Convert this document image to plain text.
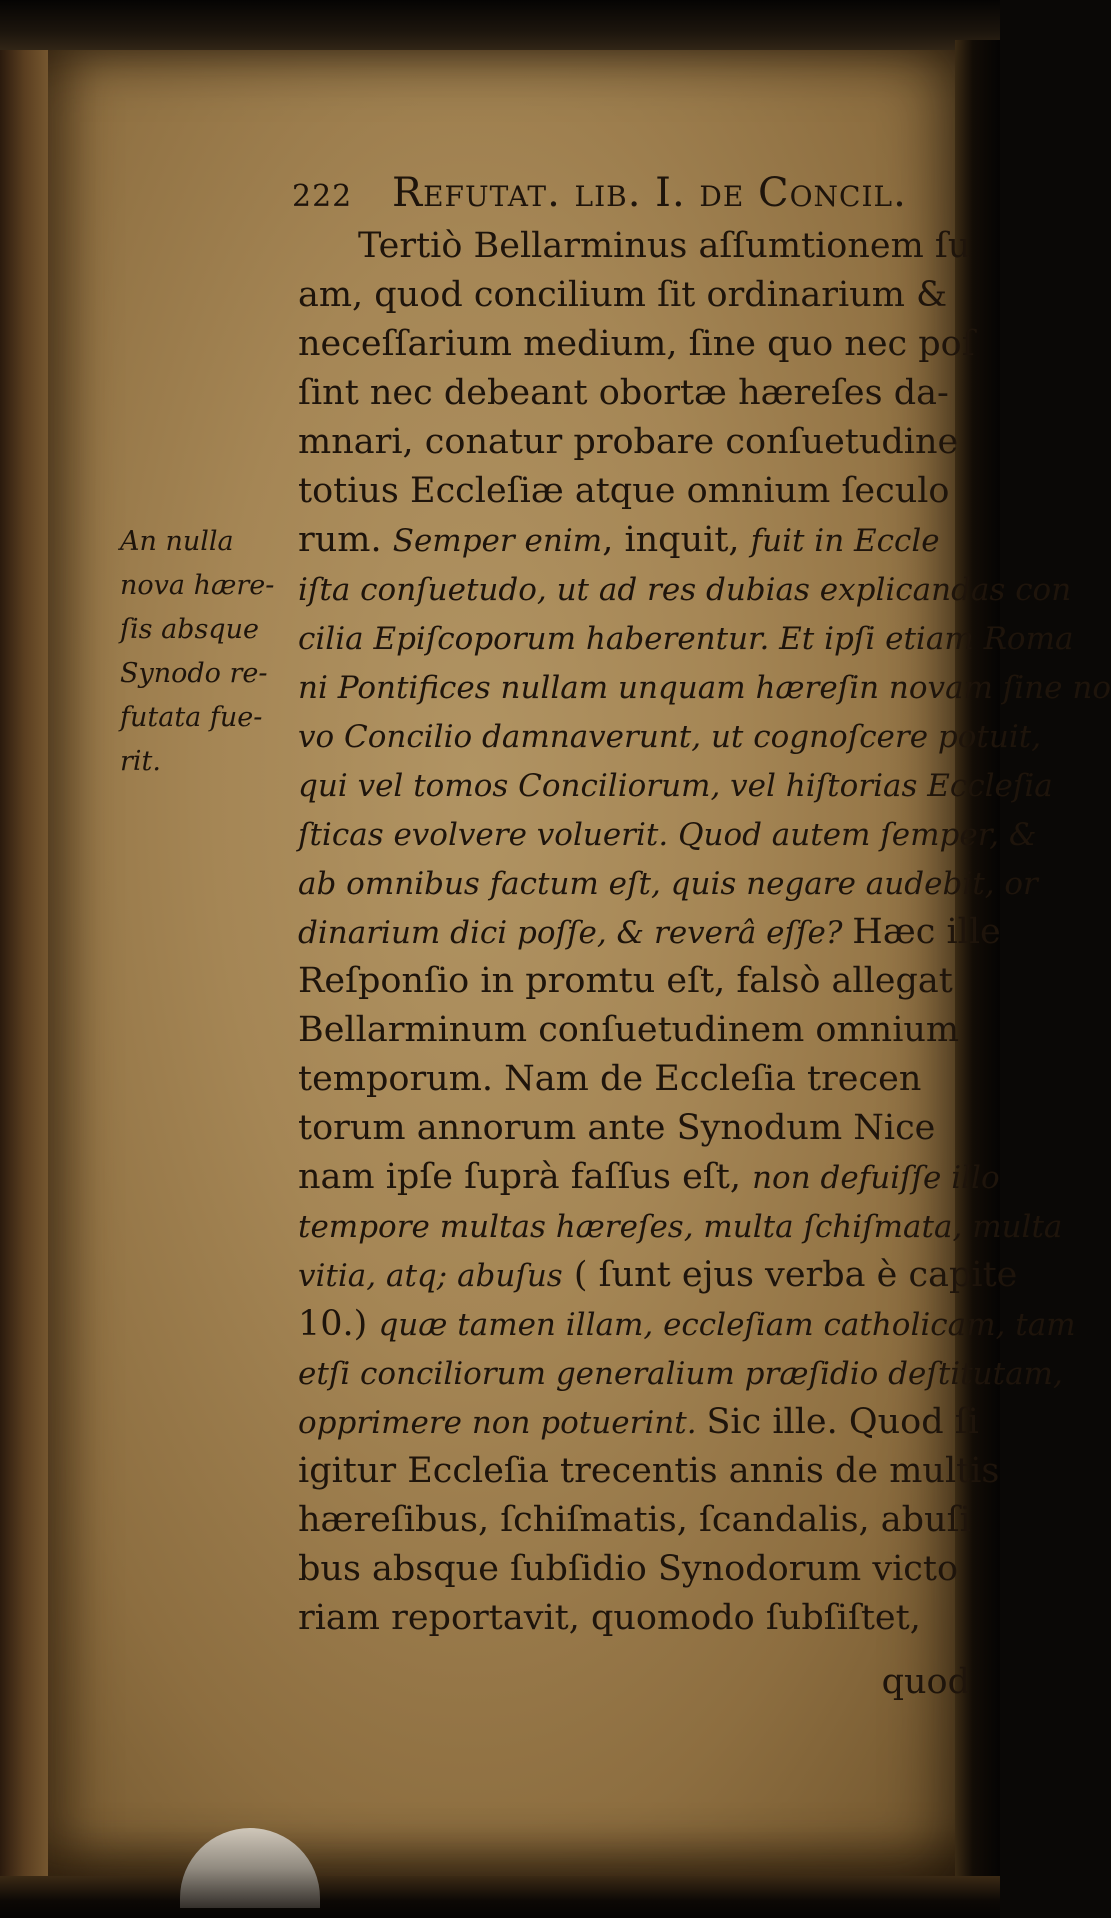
222 Refutat. lib. I. de Concil.
Tertiò Bellarminus aſſumtionem ſu
am, quod concilium ſit ordinarium &
neceſſarium medium, ſine quo nec poſ
ſint nec debeant obortæ hæreſes da-
mnari, conatur probare conſuetudine
totius Eccleſiæ atque omnium ſeculo
rum. Semper enim, inquit, fuit in Eccle
iſta conſuetudo, ut ad res dubias explicandas con
cilia Epiſcoporum haberentur. Et ipſi etiam Roma
ni Pontifices nullam unquam hæreſin novam ſine no
vo Concilio damnaverunt, ut cognoſcere potuit,
qui vel tomos Conciliorum, vel hiſtorias Eccleſia
ſticas evolvere voluerit. Quod autem ſemper, &
ab omnibus factum eſt, quis negare audebit, or
dinarium dici poſſe, & reverâ eſſe? Hæc ille
Reſponſio in promtu eſt, falsò allegat
Bellarminum conſuetudinem omnium
temporum. Nam de Eccleſia trecen
torum annorum ante Synodum Nice
nam ipſe ſuprà faſſus eſt, non defuiſſe illo
tempore multas hæreſes, multa ſchiſmata, multa
vitia, atq; abuſus ( ſunt ejus verba è capite
10.) quæ tamen illam, eccleſiam catholicam, tam
etſi conciliorum generalium præſidio deſtitutam,
opprimere non potuerint. Sic ille. Quod ſi
igitur Eccleſia trecentis annis de multis
hæreſibus, ſchiſmatis, ſcandalis, abuſi
bus absque ſubſidio Synodorum victo
riam reportavit, quomodo ſubſiſtet,
quod
An nulla
nova hære-
ſis absque
Synodo re-
futata fue-
rit.
